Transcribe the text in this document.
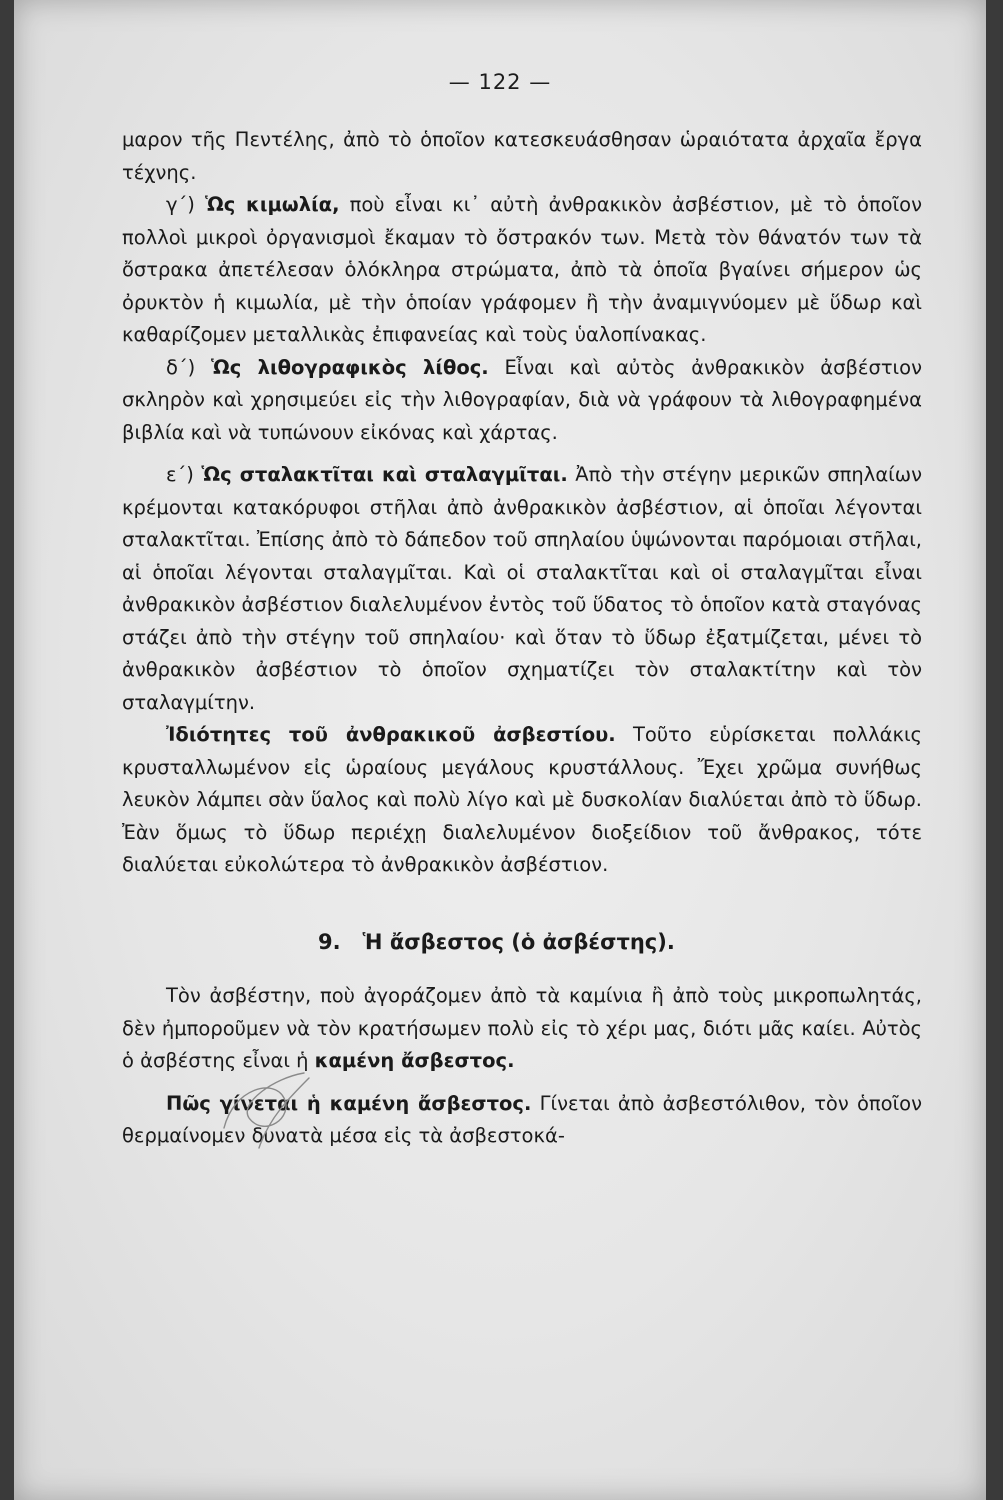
— 122 —

μαρον τῆς Πεντέλης, ἀπὸ τὸ ὁποῖον κατεσκευάσθησαν ὡραιότατα ἀρχαῖα ἔργα τέχνης.

γ΄) Ὡς κιμωλία, ποὺ εἶναι κι᾽ αὐτὴ ἀνθρακικὸν ἀσβέστιον, μὲ τὸ ὁποῖον πολλοὶ μικροὶ ὀργανισμοὶ ἔκαμαν τὸ ὄστρακόν των. Μετὰ τὸν θάνατόν των τὰ ὄστρακα ἀπετέλεσαν ὁλόκληρα στρώματα, ἀπὸ τὰ ὁποῖα βγαίνει σήμερον ὡς ὀρυκτὸν ἡ κιμωλία, μὲ τὴν ὁποίαν γράφομεν ἢ τὴν ἀναμιγνύομεν μὲ ὕδωρ καὶ καθαρίζομεν μεταλλικὰς ἐπιφανείας καὶ τοὺς ὑαλοπίνακας.

δ΄) Ὡς λιθογραφικὸς λίθος. Εἶναι καὶ αὐτὸς ἀνθρακικὸν ἀσβέστιον σκληρὸν καὶ χρησιμεύει εἰς τὴν λιθογραφίαν, διὰ νὰ γράφουν τὰ λιθογραφημένα βιβλία καὶ νὰ τυπώνουν εἰκόνας καὶ χάρτας.

ε΄) Ὡς σταλακτῖται καὶ σταλαγμῖται. Ἀπὸ τὴν στέγην μερικῶν σπηλαίων κρέμονται κατακόρυφοι στῆλαι ἀπὸ ἀνθρακικὸν ἀσβέστιον, αἱ ὁποῖαι λέγονται σταλακτῖται. Ἐπίσης ἀπὸ τὸ δάπεδον τοῦ σπηλαίου ὑψώνονται παρόμοιαι στῆλαι, αἱ ὁποῖαι λέγονται σταλαγμῖται. Καὶ οἱ σταλακτῖται καὶ οἱ σταλαγμῖται εἶναι ἀνθρακικὸν ἀσβέστιον διαλελυμένον ἐντὸς τοῦ ὕδατος τὸ ὁποῖον κατὰ σταγόνας στάζει ἀπὸ τὴν στέγην τοῦ σπηλαίου· καὶ ὅταν τὸ ὕδωρ ἐξατμίζεται, μένει τὸ ἀνθρακικὸν ἀσβέστιον τὸ ὁποῖον σχηματίζει τὸν σταλακτίτην καὶ τὸν σταλαγμίτην.

Ἰδιότητες τοῦ ἀνθρακικοῦ ἀσβεστίου. Τοῦτο εὑρίσκεται πολλάκις κρυσταλλωμένον εἰς ὡραίους μεγάλους κρυστάλλους. Ἔχει χρῶμα συνήθως λευκὸν λάμπει σὰν ὕαλος καὶ πολὺ λίγο καὶ μὲ δυσκολίαν διαλύεται ἀπὸ τὸ ὕδωρ. Ἐὰν ὅμως τὸ ὕδωρ περιέχῃ διαλελυμένον διοξείδιον τοῦ ἄνθρακος, τότε διαλύεται εὐκολώτερα τὸ ἀνθρακικὸν ἀσβέστιον.

9. Ἡ ἄσβεστος (ὁ ἀσβέστης).

Τὸν ἀσβέστην, ποὺ ἀγοράζομεν ἀπὸ τὰ καμίνια ἢ ἀπὸ τοὺς μικροπωλητάς, δὲν ἠμποροῦμεν νὰ τὸν κρατήσωμεν πολὺ εἰς τὸ χέρι μας, διότι μᾶς καίει. Αὐτὸς ὁ ἀσβέστης εἶναι ἡ καμένη ἄσβεστος.

Πῶς γίνεται ἡ καμένη ἄσβεστος. Γίνεται ἀπὸ ἀσβεστόλιθον, τὸν ὁποῖον θερμαίνομεν δυνατὰ μέσα εἰς τὰ ἀσβεστοκά-
